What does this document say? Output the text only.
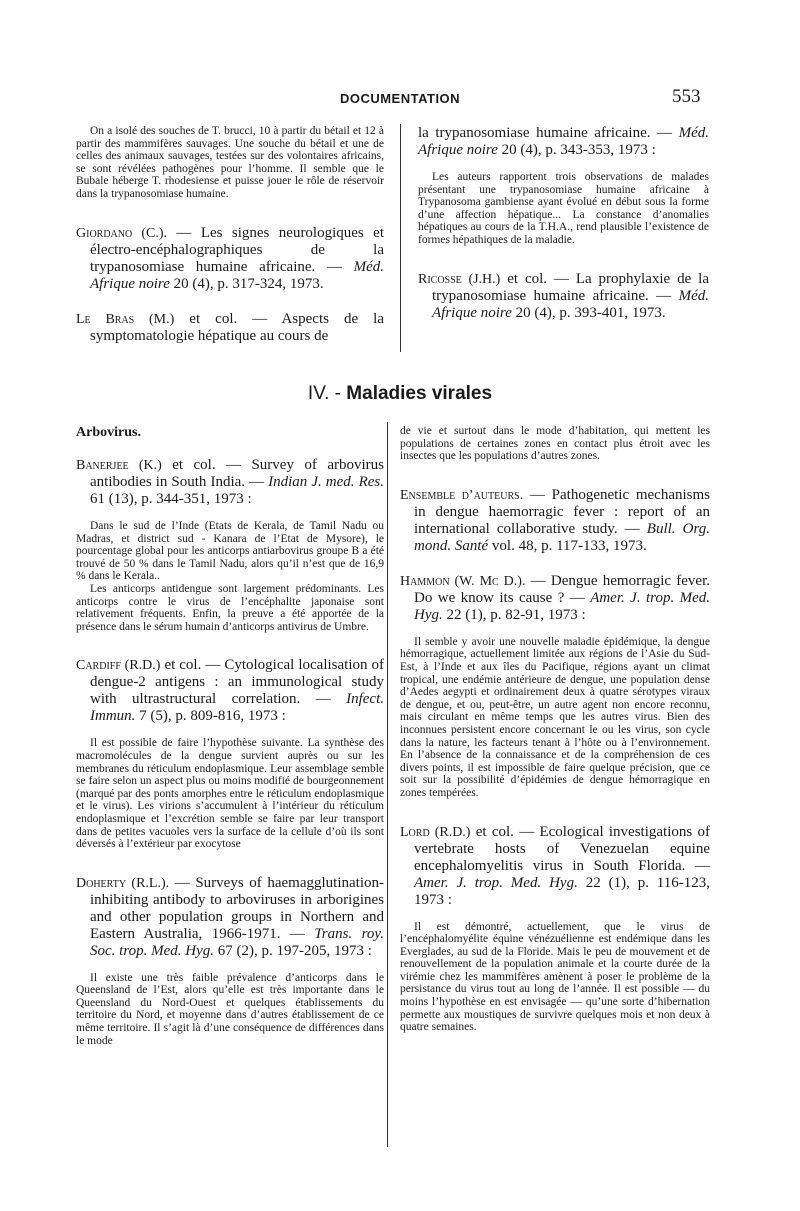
DOCUMENTATION	553

On a isolé des souches de T. brucci, 10 à partir du bétail et 12 à partir des mammifères sauvages. Une souche du bétail et une de celles des animaux sauvages, testées sur des volontaires africains, se sont révélées pathogènes pour l’homme. Il semble que le Bubale héberge T. rhodesiense et puisse jouer le rôle de réservoir dans la trypanosomiase humaine.

Giordano (C.). — Les signes neurologiques et électro-encéphalographiques de la trypanosomiase humaine africaine. — Méd. Afrique noire 20 (4), p. 317-324, 1973.

Le Bras (M.) et col. — Aspects de la symptomatologie hépatique au cours de

la trypanosomiase humaine africaine. — Méd. Afrique noire 20 (4), p. 343-353, 1973 :

Les auteurs rapportent trois observations de malades présentant une trypanosomiase humaine africaine à Trypanosoma gambiense ayant évolué en début sous la forme d’une affection hépatique... La constance d’anomalies hépatiques au cours de la T.H.A., rend plausible l’existence de formes hépathiques de la maladie.

Ricosse (J.H.) et col. — La prophylaxie de la trypanosomiase humaine africaine. — Méd. Afrique noire 20 (4), p. 393-401, 1973.

IV. - Maladies virales
Arbovirus.

Banerjee (K.) et col. — Survey of arbovirus antibodies in South India. — Indian J. med. Res. 61 (13), p. 344-351, 1973 :

Dans le sud de l’Inde (Etats de Kerala, de Tamil Nadu ou Madras, et district sud - Kanara de l’Etat de Mysore), le pourcentage global pour les anticorps antiarbovirus groupe B a été trouvé de 50 % dans le Tamil Nadu, alors qu’il n’est que de 16,9 % dans le Kerala..

Les anticorps antidengue sont largement prédominants. Les anticorps contre le virus de l’encéphalite japonaise sont relativement fréquents. Enfin, la preuve a été apportée de la présence dans le sérum humain d’anticorps antivirus de Umbre.

Cardiff (R.D.) et col. — Cytological localisation of dengue-2 antigens : an immunological study with ultrastructural correlation. — Infect. Immun. 7 (5), p. 809-816, 1973 :

Il est possible de faire l’hypothèse suivante. La synthèse des macromolécules de la dengue survient auprès ou sur les membranes du réticulum endoplasmique. Leur assemblage semble se faire selon un aspect plus ou moins modifié de bourgeonnement (marqué par des ponts amorphes entre le réticulum endoplasmique et le virus). Les virions s’accumulent à l’intérieur du réticulum endoplasmique et l’excrétion semble se faire par leur transport dans de petites vacuoles vers la surface de la cellule d’où ils sont déversés à l’extérieur par exocytose

Doherty (R.L.). — Surveys of haemagglutination-inhibiting antibody to arboviruses in arborigines and other population groups in Northern and Eastern Australia, 1966-1971. — Trans. roy. Soc. trop. Med. Hyg. 67 (2), p. 197-205, 1973 :

Il existe une très faible prévalence d’anticorps dans le Queensland de l’Est, alors qu’elle est très importante dans le Queensland du Nord-Ouest et quelques établissements du territoire du Nord, et moyenne dans d’autres établissement de ce même territoire. Il s’agit là d’une conséquence de différences dans le mode

de vie et surtout dans le mode d’habitation, qui mettent les populations de certaines zones en contact plus étroit avec les insectes que les populations d’autres zones.

Ensemble d’auteurs. — Pathogenetic mechanisms in dengue haemorragic fever : report of an international collaborative study. — Bull. Org. mond. Santé vol. 48, p. 117-133, 1973.

Hammon (W. Mc D.). — Dengue hemorragic fever. Do we know its cause ? — Amer. J. trop. Med. Hyg. 22 (1), p. 82-91, 1973 :

Il semble y avoir une nouvelle maladie épidémique, la dengue hémorragique, actuellement limitée aux régions de l’Asie du Sud-Est, à l’Inde et aux îles du Pacifique, régions ayant un climat tropical, une endémie antérieure de dengue, une population dense d’Aedes aegypti et ordinairement deux à quatre sérotypes viraux de dengue, et ou, peut-être, un autre agent non encore reconnu, mais circulant en même temps que les autres virus. Bien des inconnues persistent encore concernant le ou les virus, son cycle dans la nature, les facteurs tenant à l’hôte ou à l’environnement. En l’absence de la connaissance et de la compréhension de ces divers points, il est impossible de faire quelque précision, que ce soit sur la possibilité d’épidémies de dengue hémorragique en zones tempérées.

Lord (R.D.) et col. — Ecological investigations of vertebrate hosts of Venezuelan equine encephalomyelitis virus in South Florida. — Amer. J. trop. Med. Hyg. 22 (1), p. 116-123, 1973 :

Il est démontré, actuellement, que le virus de l’encéphalomyélite équine vénézuélienne est endémique dans les Everglades, au sud de la Floride. Mais le peu de mouvement et de renouvellement de la population animale et la courte durée de la virémie chez les mammifères amènent à poser le problème de la persistance du virus tout au long de l’année. Il est possible — du moins l’hypothèse en est envisagée — qu’une sorte d’hibernation permette aux moustiques de survivre quelques mois et non deux à quatre semaines.
